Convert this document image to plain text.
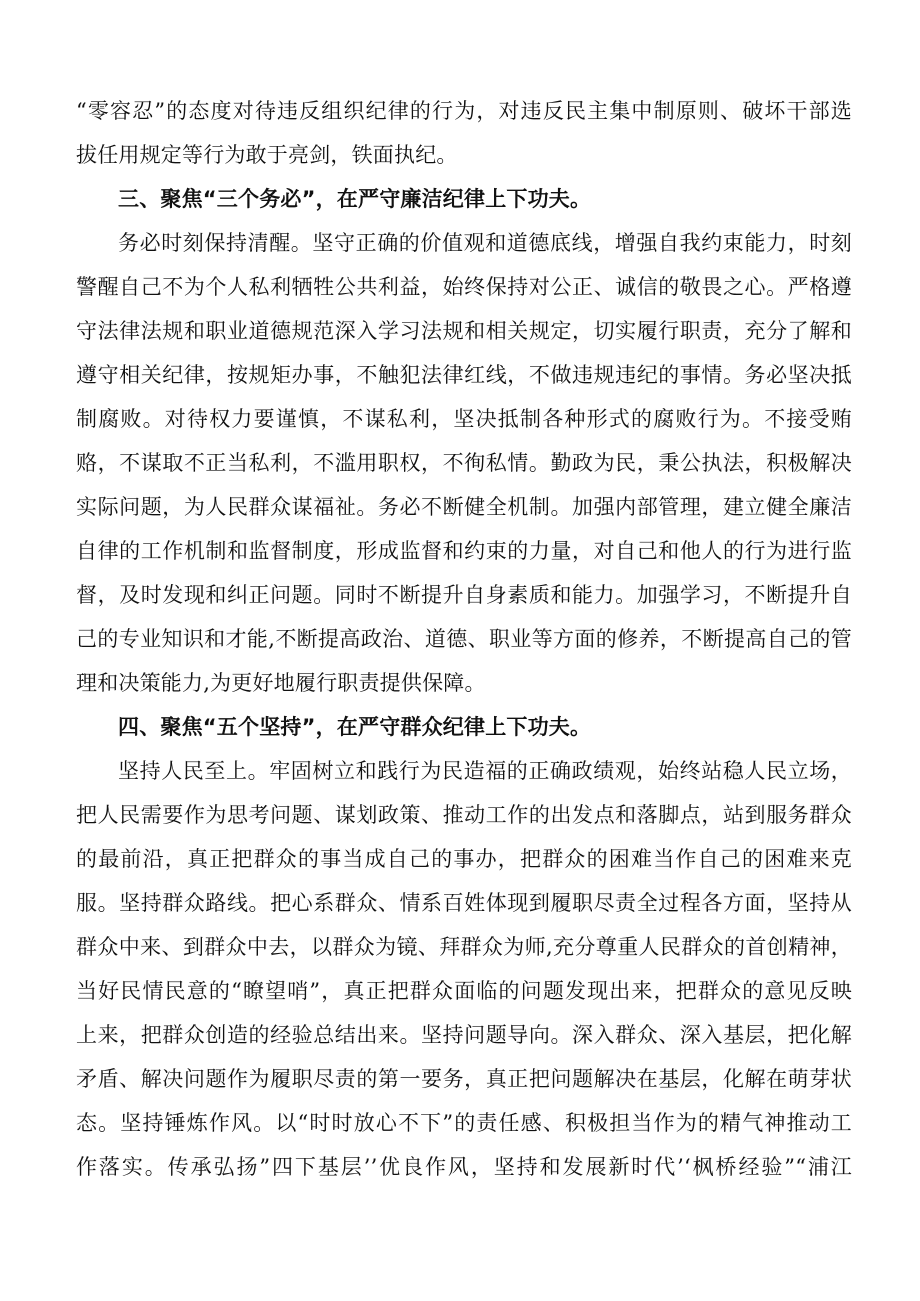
“零容忍”的态度对待违反组织纪律的行为，对违反民主集中制原则、破坏干部选
拔任用规定等行为敢于亮剑，铁面执纪。
三、聚焦“三个务必”，在严守廉洁纪律上下功夫。
务必时刻保持清醒。坚守正确的价值观和道德底线，增强自我约束能力，时刻
警醒自己不为个人私利牺牲公共利益，始终保持对公正、诚信的敬畏之心。严格遵
守法律法规和职业道德规范深入学习法规和相关规定，切实履行职责，充分了解和
遵守相关纪律，按规矩办事，不触犯法律红线，不做违规违纪的事情。务必坚决抵
制腐败。对待权力要谨慎，不谋私利，坚决抵制各种形式的腐败行为。不接受贿
赂，不谋取不正当私利，不滥用职权，不徇私情。勤政为民，秉公执法，积极解决
实际问题，为人民群众谋福祉。务必不断健全机制。加强内部管理，建立健全廉洁
自律的工作机制和监督制度，形成监督和约束的力量，对自己和他人的行为进行监
督，及时发现和纠正问题。同时不断提升自身素质和能力。加强学习，不断提升自
己的专业知识和才能,不断提高政治、道德、职业等方面的修养，不断提高自己的管
理和决策能力,为更好地履行职责提供保障。
四、聚焦“五个坚持”，在严守群众纪律上下功夫。
坚持人民至上。牢固树立和践行为民造福的正确政绩观，始终站稳人民立场，
把人民需要作为思考问题、谋划政策、推动工作的出发点和落脚点，站到服务群众
的最前沿，真正把群众的事当成自己的事办，把群众的困难当作自己的困难来克
服。坚持群众路线。把心系群众、情系百姓体现到履职尽责全过程各方面，坚持从
群众中来、到群众中去，以群众为镜、拜群众为师,充分尊重人民群众的首创精神，
当好民情民意的“瞭望哨”，真正把群众面临的问题发现出来，把群众的意见反映
上来，把群众创造的经验总结出来。坚持问题导向。深入群众、深入基层，把化解
矛盾、解决问题作为履职尽责的第一要务，真正把问题解决在基层，化解在萌芽状
态。坚持锤炼作风。以“时时放心不下”的责任感、积极担当作为的精气神推动工
作落实。传承弘扬”四下基层’’优良作风，坚持和发展新时代’‘枫桥经验”“浦江
